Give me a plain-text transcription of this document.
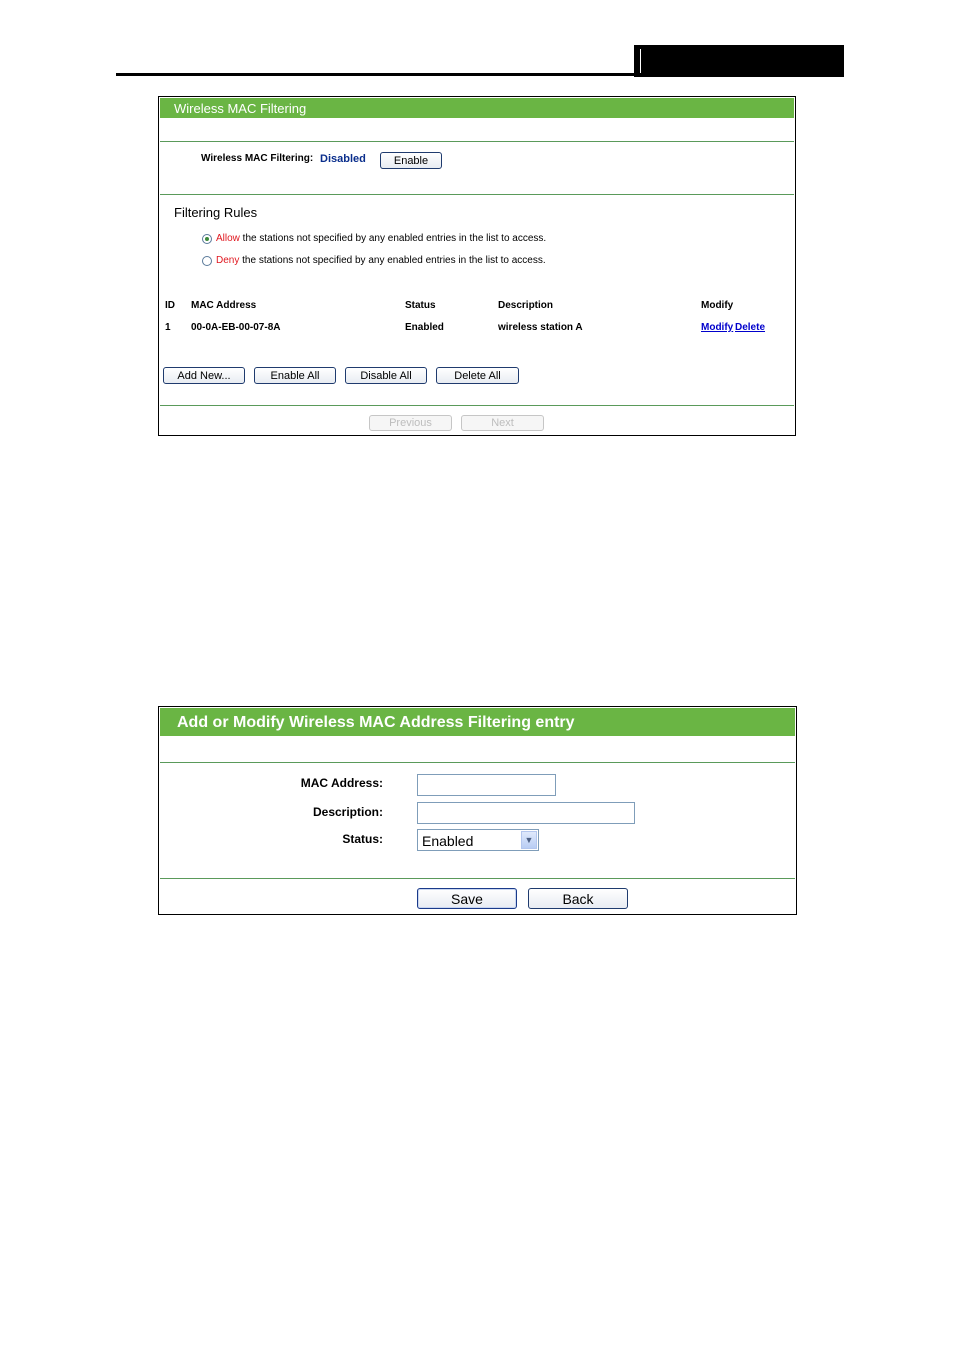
Wireless MAC Filtering
Wireless MAC Filtering: Disabled	Enable
Filtering Rules
Allow the stations not specified by any enabled entries in the list to access.
Deny the stations not specified by any enabled entries in the list to access.
ID MAC Address	Status	Description	Modify
1 00-0A-EB-00-07-8A	Enabled	wireless station A	Modify Delete
Add New...	Enable All	Disable All	Delete All
Previous	Next
Add or Modify Wireless MAC Address Filtering entry
MAC Address:
Description:
Status:	Enabled	▼
Save	Back
